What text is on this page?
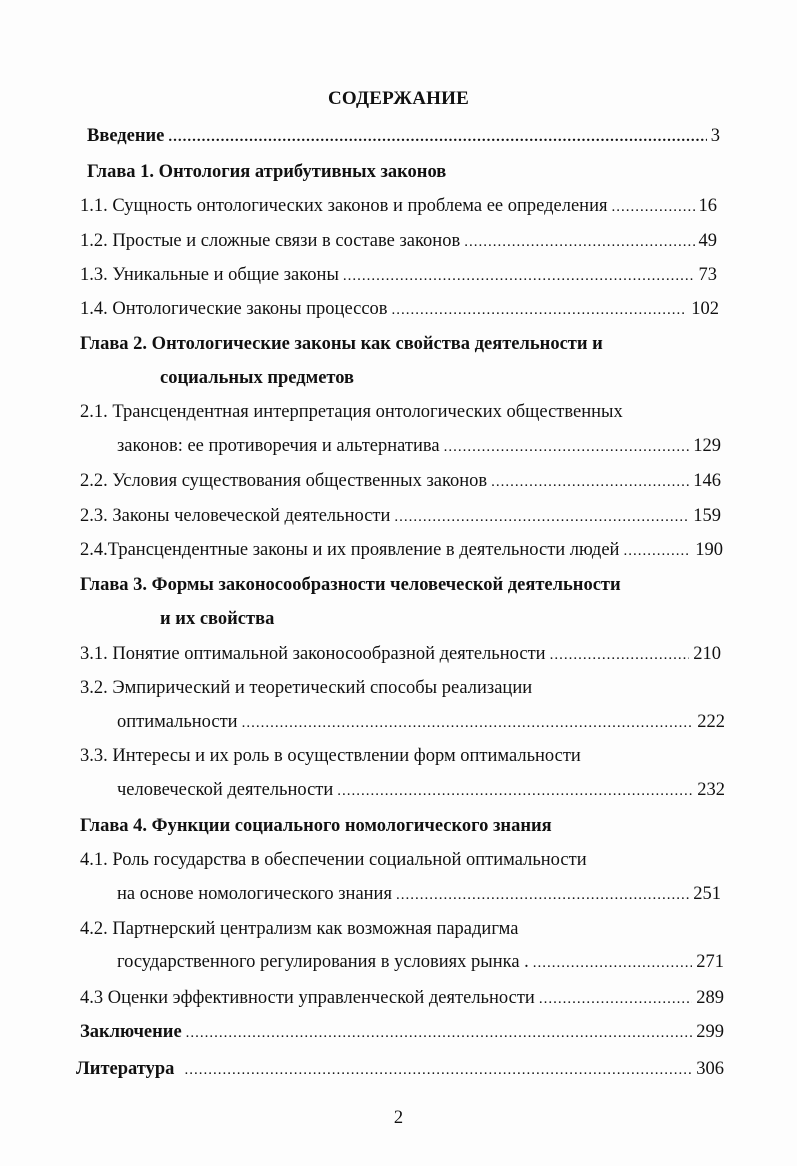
СОДЕРЖАНИЕ
Введение .....	3
Глава 1. Онтология атрибутивных законов
1.1. Сущность онтологических законов и проблема ее определения .....	16
1.2. Простые и сложные связи в составе законов .....	49
1.3. Уникальные и общие законы .....	73
1.4. Онтологические законы процессов .....	102
Глава 2. Онтологические законы как свойства деятельности и
социальных предметов
2.1. Трансцендентная интерпретация онтологических общественных
законов: ее противоречия и альтернатива .....	129
2.2. Условия существования общественных законов .....	146
2.3. Законы человеческой деятельности .....	159
2.4.Трансцендентные законы и их проявление в деятельности людей .....	190
Глава 3. Формы законосообразности человеческой деятельности
и их свойства
3.1. Понятие оптимальной законосообразной деятельности .....	210
3.2. Эмпирический и теоретический способы реализации
оптимальности .....	222
3.3. Интересы и их роль в осуществлении форм оптимальности
человеческой деятельности .....	232
Глава 4. Функции социального номологического знания
4.1. Роль государства в обеспечении социальной оптимальности
на основе номологического знания .....	251
4.2. Партнерский централизм как возможная парадигма
государственного регулирования в условиях рынка . .....	271
4.3 Оценки эффективности управленческой деятельности .....	289
Заключение .....	299
Литература .....	306
2
